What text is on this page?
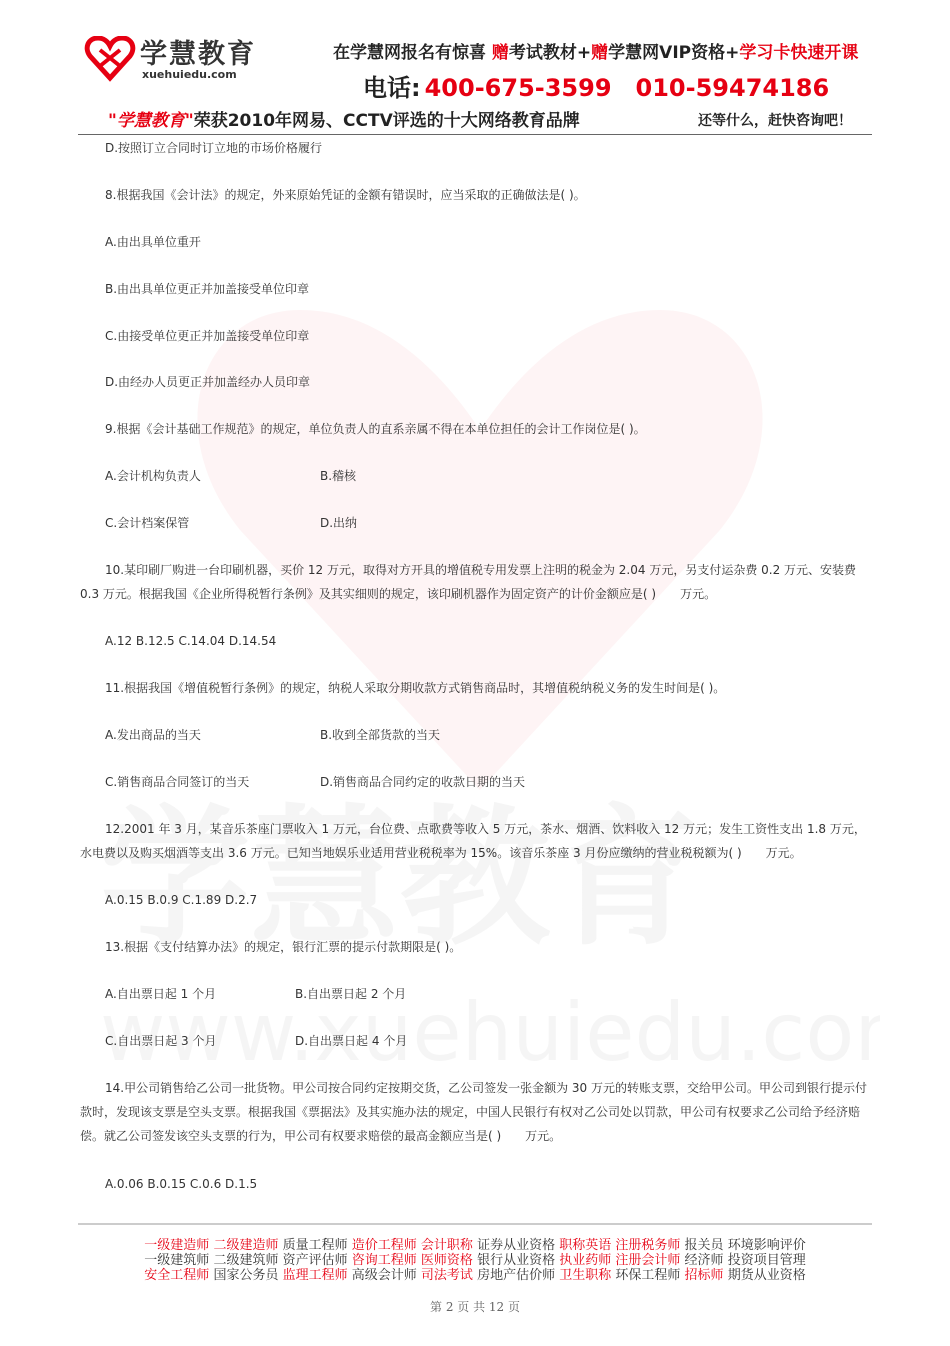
学慧教育
xuehuiedu.com
在学慧网报名有惊喜 赠考试教材+赠学慧网VIP资格+学习卡快速开课
电话: 400-675-3599 010-59474186
"学慧教育"荣获2010年网易、CCTV评选的十大网络教育品牌	还等什么，赶快咨询吧！
D.按照订立合同时订立地的市场价格履行
8.根据我国《会计法》的规定，外来原始凭证的金额有错误时，应当采取的正确做法是( )。
A.由出具单位重开
B.由出具单位更正并加盖接受单位印章
C.由接受单位更正并加盖接受单位印章
D.由经办人员更正并加盖经办人员印章
9.根据《会计基础工作规范》的规定，单位负责人的直系亲属不得在本单位担任的会计工作岗位是( )。
A.会计机构负责人	B.稽核
C.会计档案保管	D.出纳
10.某印刷厂购进一台印刷机器，买价 12 万元，取得对方开具的增值税专用发票上注明的税金为 2.04 万元，另支付运杂费 0.2 万元、安装费 0.3 万元。根据我国《企业所得税暂行条例》及其实细则的规定，该印刷机器作为固定资产的计价金额应是( )　　万元。
A.12 B.12.5 C.14.04 D.14.54
11.根据我国《增值税暂行条例》的规定，纳税人采取分期收款方式销售商品时，其增值税纳税义务的发生时间是( )。
A.发出商品的当天	B.收到全部货款的当天
C.销售商品合同签订的当天	D.销售商品合同约定的收款日期的当天
12.2001 年 3 月，某音乐茶座门票收入 1 万元，台位费、点歌费等收入 5 万元，茶水、烟酒、饮料收入 12 万元；发生工资性支出 1.8 万元，水电费以及购买烟酒等支出 3.6 万元。已知当地娱乐业适用营业税税率为 15%。该音乐茶座 3 月份应缴纳的营业税税额为( )　　万元。
A.0.15 B.0.9 C.1.89 D.2.7
13.根据《支付结算办法》的规定，银行汇票的提示付款期限是( )。
A.自出票日起 1 个月	B.自出票日起 2 个月
C.自出票日起 3 个月	D.自出票日起 4 个月
14.甲公司销售给乙公司一批货物。甲公司按合同约定按期交货，乙公司签发一张金额为 30 万元的转账支票，交给甲公司。甲公司到银行提示付款时，发现该支票是空头支票。根据我国《票据法》及其实施办法的规定，中国人民银行有权对乙公司处以罚款，甲公司有权要求乙公司给予经济赔偿。就乙公司签发该空头支票的行为，甲公司有权要求赔偿的最高金额应当是( )　　万元。
A.0.06 B.0.15 C.0.6 D.1.5
一级建造师 二级建造师 质量工程师 造价工程师 会计职称 证券从业资格 职称英语 注册税务师 报关员 环境影响评价
一级建筑师 二级建筑师 资产评估师 咨询工程师 医师资格 银行从业资格 执业药师 注册会计师 经济师 投资项目管理
安全工程师 国家公务员 监理工程师 高级会计师 司法考试 房地产估价师 卫生职称 环保工程师 招标师 期货从业资格
第 2 页 共 12 页
